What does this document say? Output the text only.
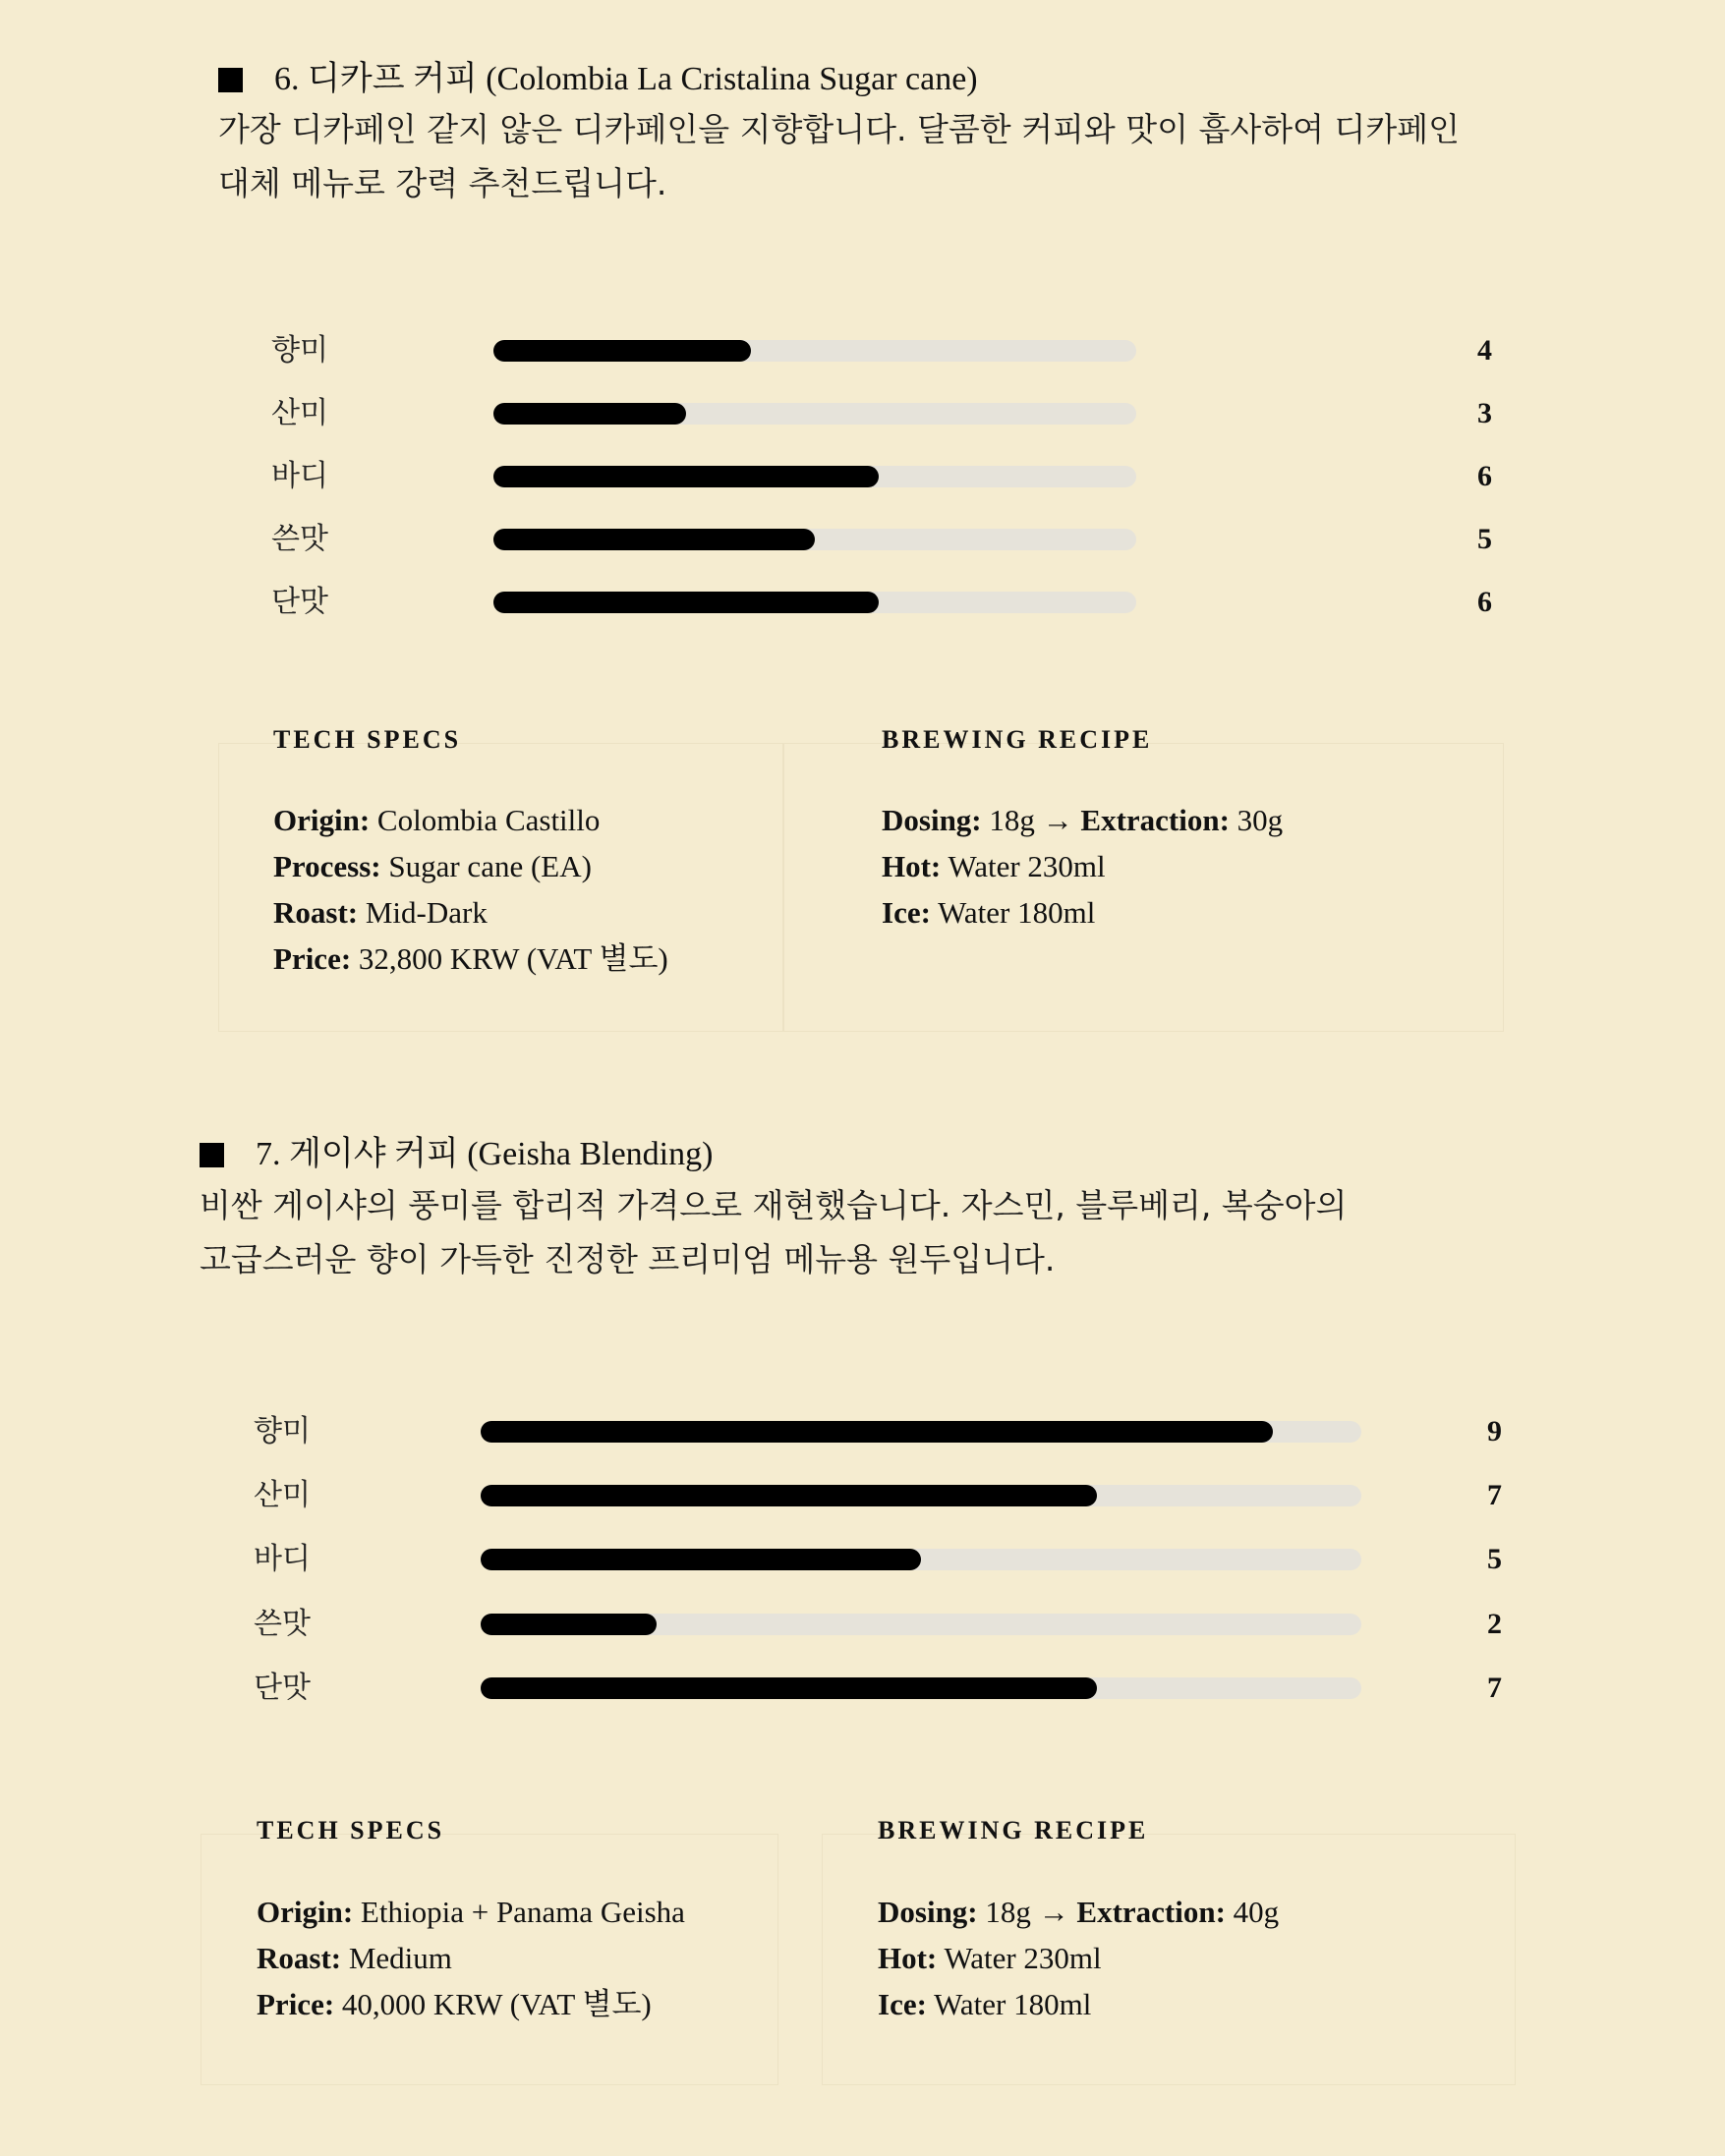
6. 디카프 커피 (Colombia La Cristalina Sugar cane)
가장 디카페인 같지 않은 디카페인을 지향합니다. 달콤한 커피와 맛이 흡사하여 디카페인
대체 메뉴로 강력 추천드립니다.
향미	4
산미	3
바디	6
쓴맛	5
단맛	6
TECH SPECS
Origin: Colombia Castillo
Process: Sugar cane (EA)
Roast: Mid-Dark
Price: 32,800 KRW (VAT 별도)
BREWING RECIPE
Dosing: 18g → Extraction: 30g
Hot: Water 230ml
Ice: Water 180ml
7. 게이샤 커피 (Geisha Blending)
비싼 게이샤의 풍미를 합리적 가격으로 재현했습니다. 자스민, 블루베리, 복숭아의
고급스러운 향이 가득한 진정한 프리미엄 메뉴용 원두입니다.
향미	9
산미	7
바디	5
쓴맛	2
단맛	7
TECH SPECS
Origin: Ethiopia + Panama Geisha
Roast: Medium
Price: 40,000 KRW (VAT 별도)
BREWING RECIPE
Dosing: 18g → Extraction: 40g
Hot: Water 230ml
Ice: Water 180ml
